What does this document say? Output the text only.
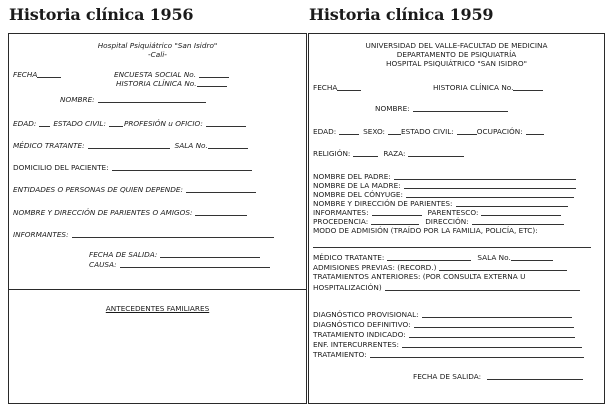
Historia clínica 1956
Hospital Psiquiátrico "San Isidro"
-Cali-
FECHA	ENCUESTA SOCIAL No.
HISTORIA CLÍNICA No.
NOMBRE:
EDAD: ESTADO CIVIL: PROFESIÓN u OFICIO:
MÉDICO TRATANTE:	SALA No.
DOMICILIO DEL PACIENTE:
ENTIDADES O PERSONAS DE QUIEN DEPENDE:
NOMBRE Y DIRECCIÓN DE PARIENTES O AMIGOS:
INFORMANTES:
FECHA DE SALIDA:
CAUSA:
ANTECEDENTES FAMILIARES
Historia clínica 1959
UNIVERSIDAD DEL VALLE-FACULTAD DE MEDICINA
DEPARTAMENTO DE PSIQUIATRÍA
HOSPITAL PSIQUIÁTRICO "SAN ISIDRO"
FECHA	HISTORIA CLÍNICA No.
NOMBRE:
EDAD:	SEXO: ESTADO CIVIL:	OCUPACIÓN:
RELIGIÓN:	RAZA:
NOMBRE DEL PADRE:
NOMBRE DE LA MADRE:
NOMBRE DEL CÓNYUGE:
NOMBRE Y DIRECCIÓN DE PARIENTES:
INFORMANTES:	PARENTESCO:
PROCEDENCIA:	DIRECCIÓN:
MODO DE ADMISIÓN (TRAÍDO POR LA FAMILIA, POLICÍA, ETC):
MÉDICO TRATANTE:	SALA No.
ADMISIONES PREVIAS: (RECORD.)
TRATAMIENTOS ANTERIORES: (POR CONSULTA EXTERNA U
HOSPITALIZACIÓN)
DIAGNÓSTICO PROVISIONAL:
DIAGNÓSTICO DEFINITIVO:
TRATAMIENTO INDICADO:
ENF. INTERCURRENTES:
TRATAMIENTO:
FECHA DE SALIDA:
